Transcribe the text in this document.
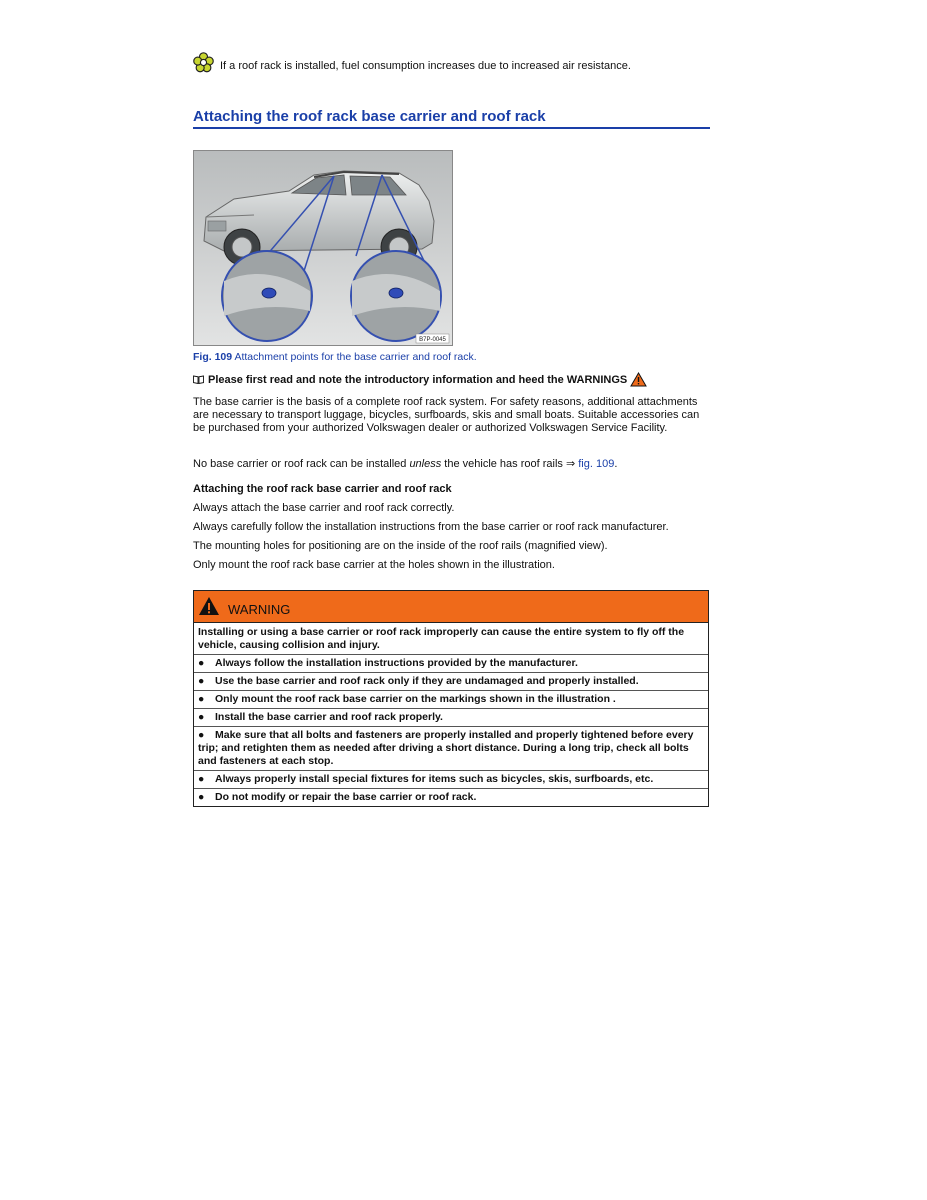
If a roof rack is installed, fuel consumption increases due to increased air resistance.
Attaching the roof rack base carrier and roof rack
B7P-0045
Fig. 109 Attachment points for the base carrier and roof rack.
Please first read and note the introductory information and heed the WARNINGS
The base carrier is the basis of a complete roof rack system. For safety reasons, additional attachments are necessary to transport luggage, bicycles, surfboards, skis and small boats. Suitable accessories can be purchased from your authorized Volkswagen dealer or authorized Volkswagen Service Facility.
No base carrier or roof rack can be installed unless the vehicle has roof rails ⇒ fig. 109.
Attaching the roof rack base carrier and roof rack
Always attach the base carrier and roof rack correctly.
Always carefully follow the installation instructions from the base carrier or roof rack manufacturer.
The mounting holes for positioning are on the inside of the roof rails (magnified view).
Only mount the roof rack base carrier at the holes shown in the illustration.
WARNING
Installing or using a base carrier or roof rack improperly can cause the entire system to fly off the vehicle, causing collision and injury.
● Always follow the installation instructions provided by the manufacturer.
● Use the base carrier and roof rack only if they are undamaged and properly installed.
● Only mount the roof rack base carrier on the markings shown in the illustration .
● Install the base carrier and roof rack properly.
● Make sure that all bolts and fasteners are properly installed and properly tightened before every trip; and retighten them as needed after driving a short distance. During a long trip, check all bolts and fasteners at each stop.
● Always properly install special fixtures for items such as bicycles, skis, surfboards, etc.
● Do not modify or repair the base carrier or roof rack.
